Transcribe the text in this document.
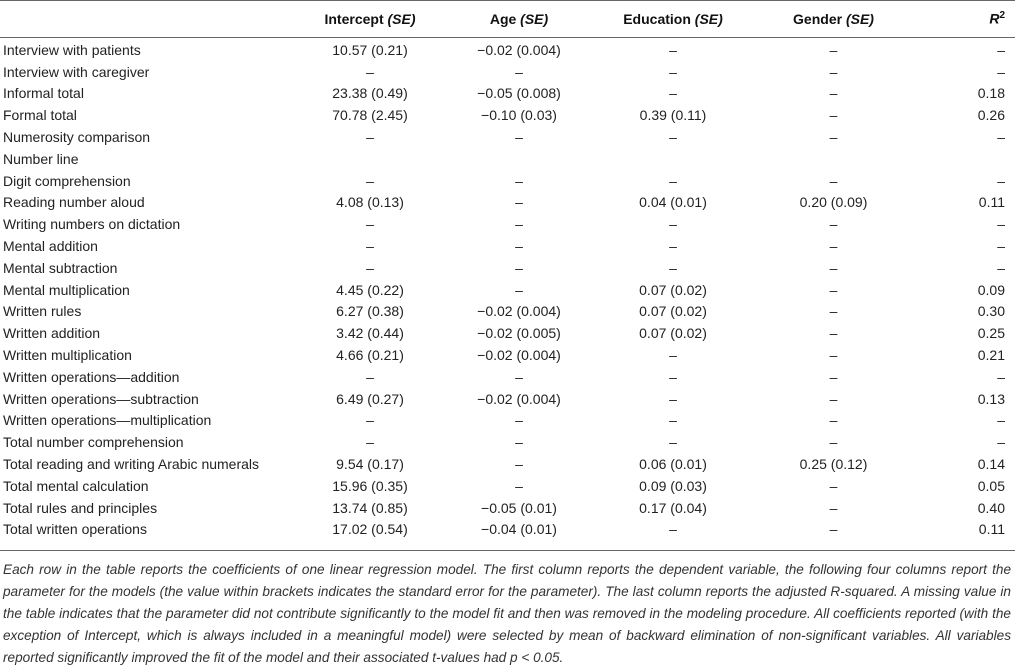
	Intercept (SE)	Age (SE)	Education (SE)	Gender (SE)	$R^2$
Interview with patients	10.57 (0.21)	−0.02 (0.004)	–	–	–
Interview with caregiver	–	–	–	–	–
Informal total	23.38 (0.49)	−0.05 (0.008)	–	–	0.18
Formal total	70.78 (2.45)	−0.10 (0.03)	0.39 (0.11)	–	0.26
Numerosity comparison	–	–	–	–	–
Number line					
Digit comprehension	–	–	–	–	–
Reading number aloud	4.08 (0.13)	–	0.04 (0.01)	0.20 (0.09)	0.11
Writing numbers on dictation	–	–	–	–	–
Mental addition	–	–	–	–	–
Mental subtraction	–	–	–	–	–
Mental multiplication	4.45 (0.22)	–	0.07 (0.02)	–	0.09
Written rules	6.27 (0.38)	−0.02 (0.004)	0.07 (0.02)	–	0.30
Written addition	3.42 (0.44)	−0.02 (0.005)	0.07 (0.02)	–	0.25
Written multiplication	4.66 (0.21)	−0.02 (0.004)	–	–	0.21
Written operations—addition	–	–	–	–	–
Written operations—subtraction	6.49 (0.27)	−0.02 (0.004)	–	–	0.13
Written operations—multiplication	–	–	–	–	–
Total number comprehension	–	–	–	–	–
Total reading and writing Arabic numerals	9.54 (0.17)	–	0.06 (0.01)	0.25 (0.12)	0.14
Total mental calculation	15.96 (0.35)	–	0.09 (0.03)	–	0.05
Total rules and principles	13.74 (0.85)	−0.05 (0.01)	0.17 (0.04)	–	0.40
Total written operations	17.02 (0.54)	−0.04 (0.01)	–	–	0.11

Each row in the table reports the coefficients of one linear regression model. The first column reports the dependent variable, the following four columns report the parameter for the models (the value within brackets indicates the standard error for the parameter). The last column reports the adjusted R-squared. A missing value in the table indicates that the parameter did not contribute significantly to the model fit and then was removed in the modeling procedure. All coefficients reported (with the exception of Intercept, which is always included in a meaningful model) were selected by mean of backward elimination of non-significant variables. All variables reported significantly improved the fit of the model and their associated t-values had p < 0.05.
